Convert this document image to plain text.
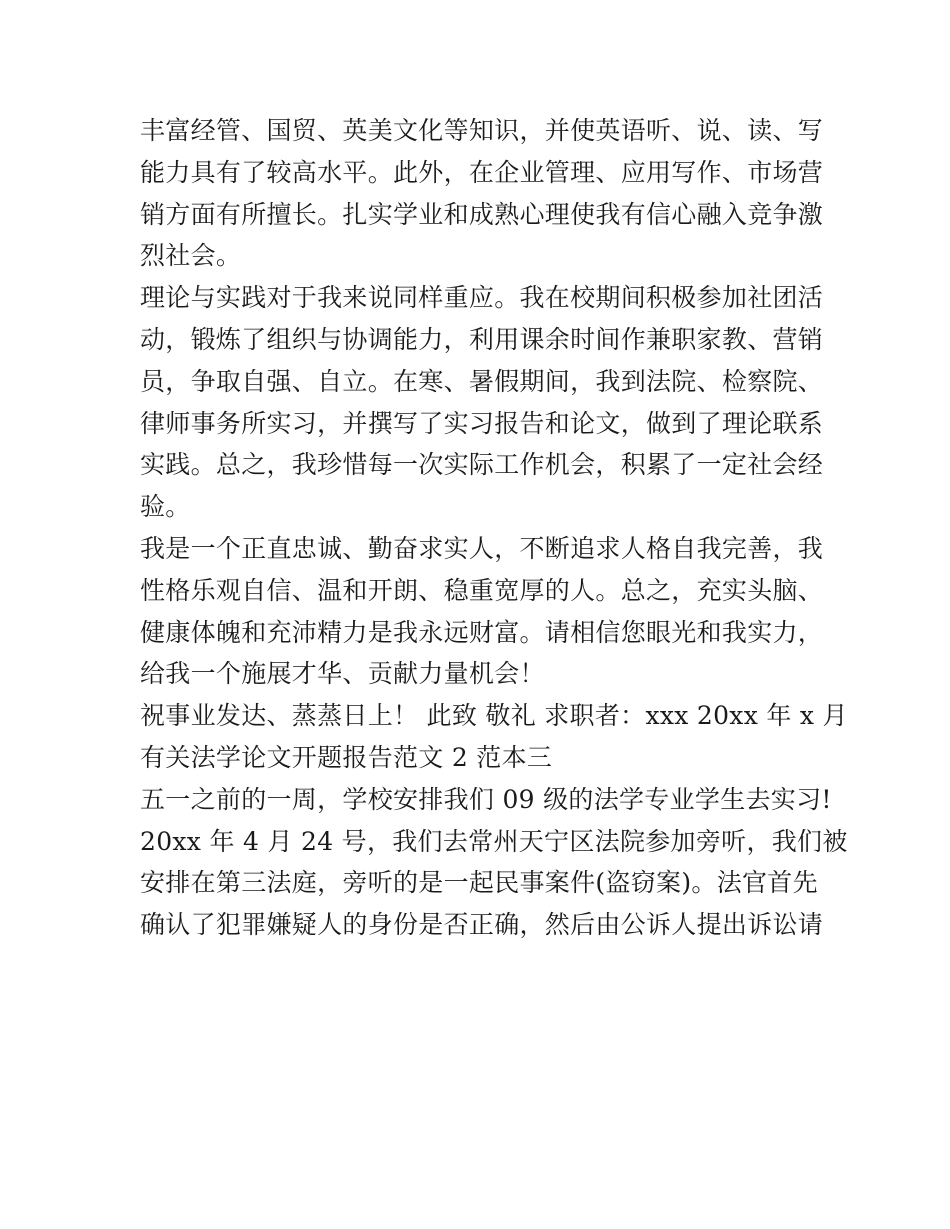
丰富经管、国贸、英美文化等知识，并使英语听、说、读、写
能力具有了较高水平。此外，在企业管理、应用写作、市场营
销方面有所擅长。扎实学业和成熟心理使我有信心融入竞争激
烈社会。
理论与实践对于我来说同样重应。我在校期间积极参加社团活
动，锻炼了组织与协调能力，利用课余时间作兼职家教、营销
员，争取自强、自立。在寒、暑假期间，我到法院、检察院、
律师事务所实习，并撰写了实习报告和论文，做到了理论联系
实践。总之，我珍惜每一次实际工作机会，积累了一定社会经
验。
我是一个正直忠诚、勤奋求实人，不断追求人格自我完善，我
性格乐观自信、温和开朗、稳重宽厚的人。总之，充实头脑、
健康体魄和充沛精力是我永远财富。请相信您眼光和我实力，
给我一个施展才华、贡献力量机会！
祝事业发达、蒸蒸日上！ 此致 敬礼 求职者：xxx 20xx 年 x 月
有关法学论文开题报告范文 2 范本三
五一之前的一周，学校安排我们 09 级的法学专业学生去实习!
20xx 年 4 月 24 号，我们去常州天宁区法院参加旁听，我们被
安排在第三法庭，旁听的是一起民事案件(盗窃案)。法官首先
确认了犯罪嫌疑人的身份是否正确，然后由公诉人提出诉讼请
